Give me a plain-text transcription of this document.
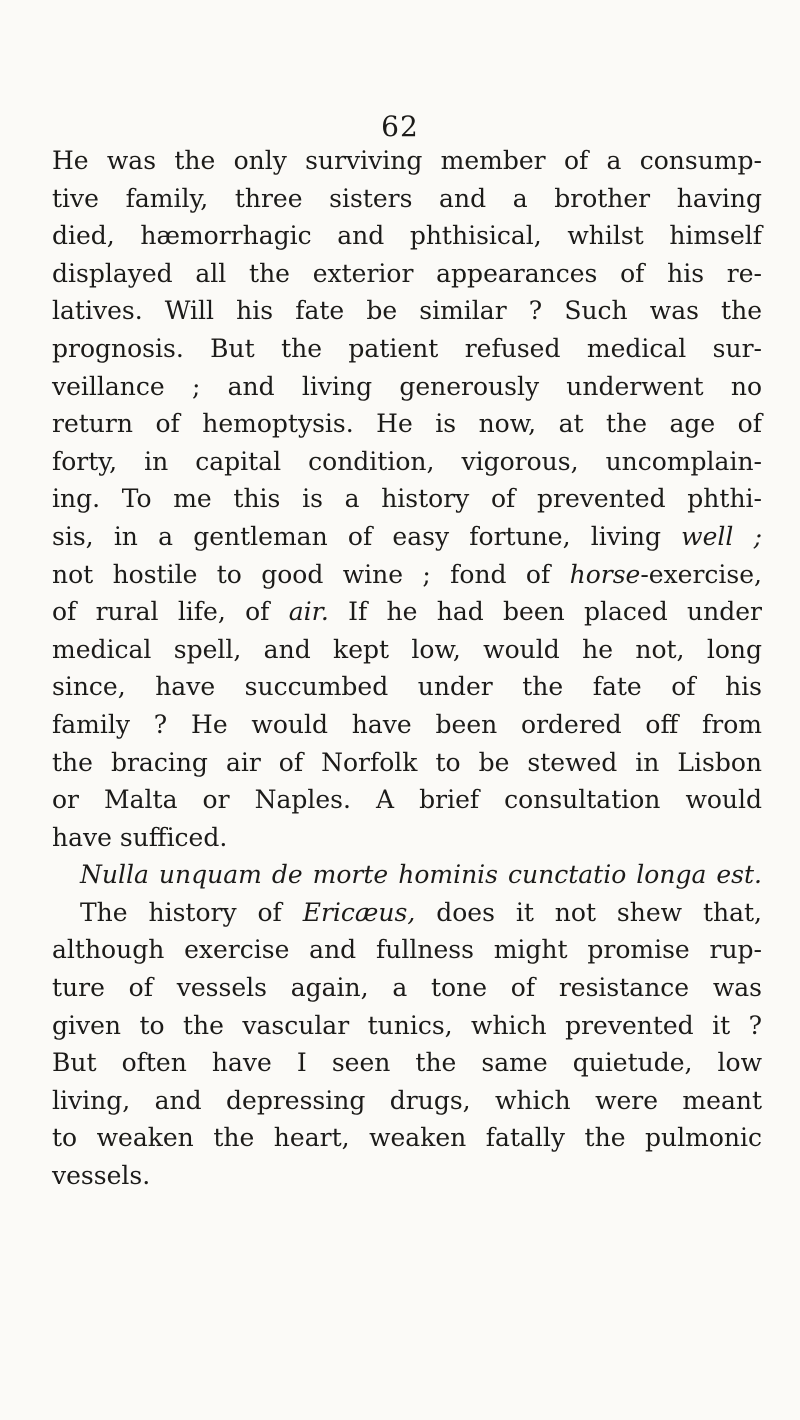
62
He was the only surviving member of a consump-
tive family, three sisters and a brother having
died, hæmorrhagic and phthisical, whilst himself
displayed all the exterior appearances of his re-
latives. Will his fate be similar ? Such was the
prognosis. But the patient refused medical sur-
veillance ; and living generously underwent no
return of hemoptysis. He is now, at the age of
forty, in capital condition, vigorous, uncomplain-
ing. To me this is a history of prevented phthi-
sis, in a gentleman of easy fortune, living well ;
not hostile to good wine ; fond of horse-exercise,
of rural life, of air. If he had been placed under
medical spell, and kept low, would he not, long
since, have succumbed under the fate of his
family ? He would have been ordered off from
the bracing air of Norfolk to be stewed in Lisbon
or Malta or Naples. A brief consultation would
have sufficed.
Nulla unquam de morte hominis cunctatio longa est.
The history of Ericæus, does it not shew that,
although exercise and fullness might promise rup-
ture of vessels again, a tone of resistance was
given to the vascular tunics, which prevented it ?
But often have I seen the same quietude, low
living, and depressing drugs, which were meant
to weaken the heart, weaken fatally the pulmonic
vessels.
